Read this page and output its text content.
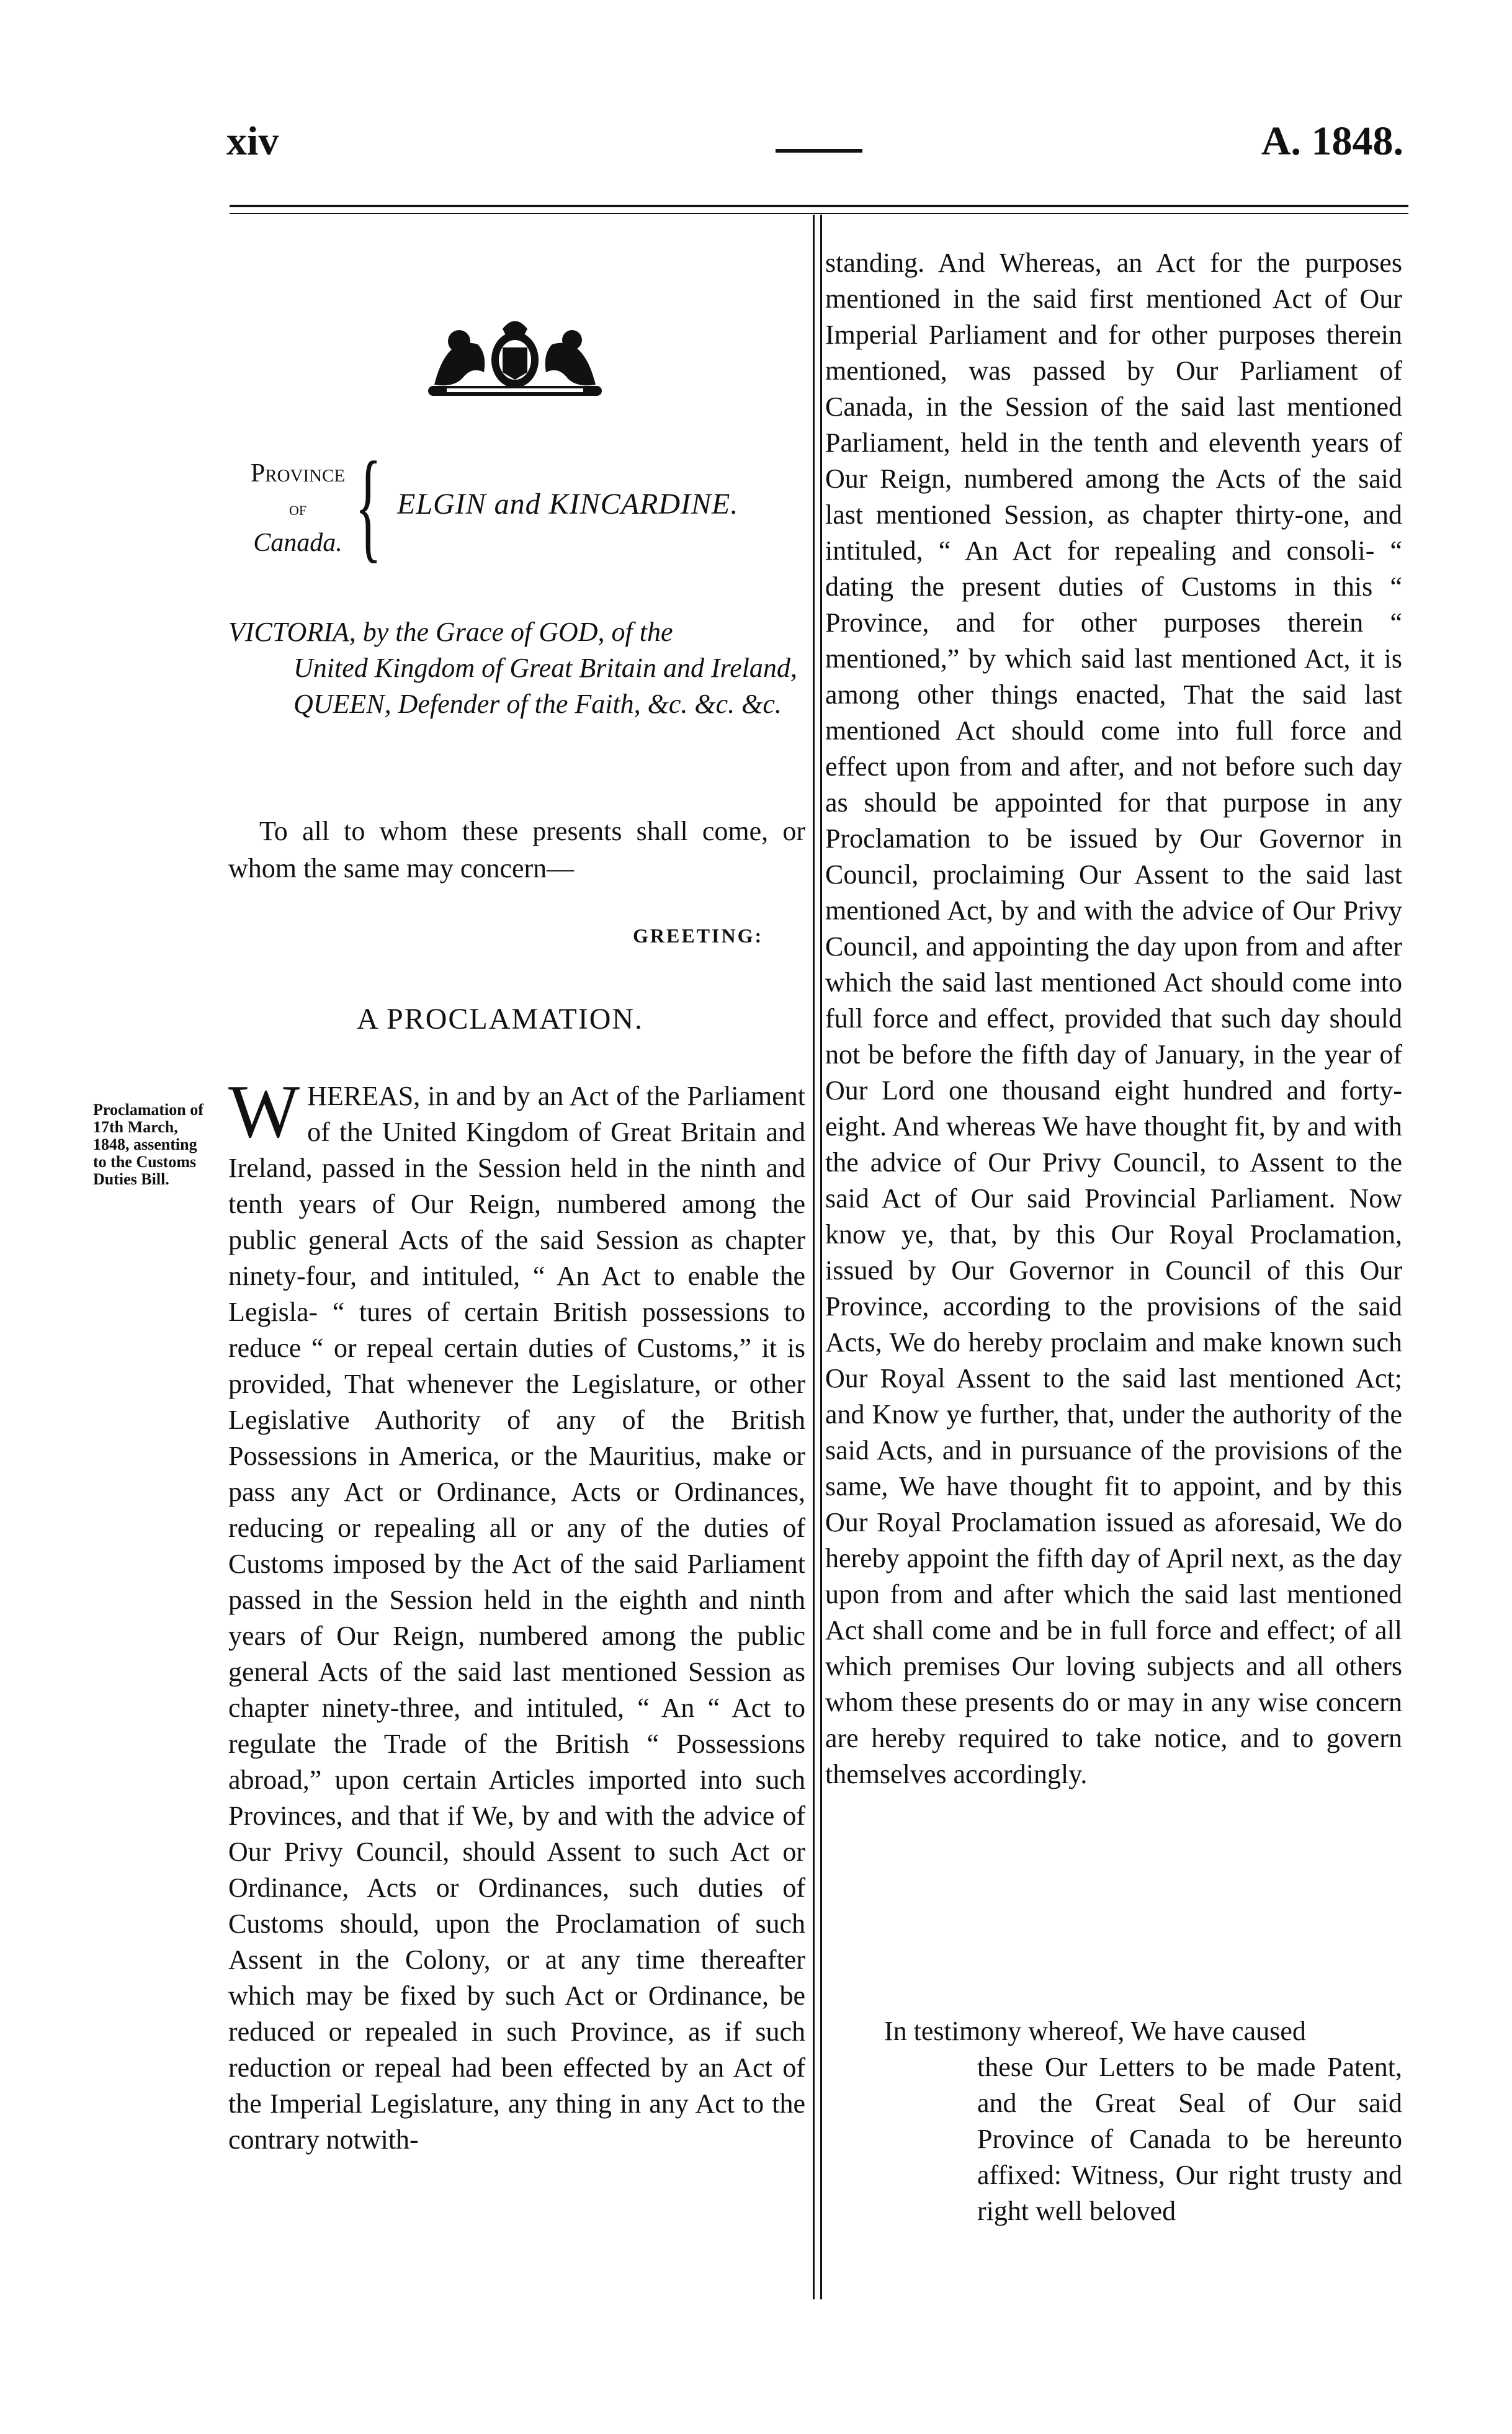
xiv	A. 1848.
Province
of
Canada. { ELGIN and KINCARDINE.
VICTORIA, by the Grace of GOD, of the
United Kingdom of Great Britain and Ireland, QUEEN, Defender of the Faith, &c. &c. &c.
To all to whom these presents shall come, or whom the same may concern—
GREETING:
A PROCLAMATION.
Proclamation of 17th March, 1848, assenting to the Customs Duties Bill.
WHEREAS, in and by an Act of the Parliament of the United Kingdom of Great Britain and Ireland, passed in the Session held in the ninth and tenth years of Our Reign, numbered among the public general Acts of the said Session as chapter ninety-four, and intituled, “ An Act to enable the Legisla- “ tures of certain British possessions to reduce “ or repeal certain duties of Customs,” it is provided, That whenever the Legislature, or other Legislative Authority of any of the British Possessions in America, or the Mauritius, make or pass any Act or Ordinance, Acts or Ordinances, reducing or repealing all or any of the duties of Customs imposed by the Act of the said Parliament passed in the Session held in the eighth and ninth years of Our Reign, numbered among the public general Acts of the said last mentioned Session as chapter ninety-three, and intituled, “ An “ Act to regulate the Trade of the British “ Possessions abroad,” upon certain Articles imported into such Provinces, and that if We, by and with the advice of Our Privy Council, should Assent to such Act or Ordinance, Acts or Ordinances, such duties of Customs should, upon the Proclamation of such Assent in the Colony, or at any time thereafter which may be fixed by such Act or Ordinance, be reduced or repealed in such Province, as if such reduction or repeal had been effected by an Act of the Imperial Legislature, any thing in any Act to the contrary notwith-
standing. And Whereas, an Act for the purposes mentioned in the said first mentioned Act of Our Imperial Parliament and for other purposes therein mentioned, was passed by Our Parliament of Canada, in the Session of the said last mentioned Parliament, held in the tenth and eleventh years of Our Reign, numbered among the Acts of the said last mentioned Session, as chapter thirty-one, and intituled, “ An Act for repealing and consoli- “ dating the present duties of Customs in this “ Province, and for other purposes therein “ mentioned,” by which said last mentioned Act, it is among other things enacted, That the said last mentioned Act should come into full force and effect upon from and after, and not before such day as should be appointed for that purpose in any Proclamation to be issued by Our Governor in Council, proclaiming Our Assent to the said last mentioned Act, by and with the advice of Our Privy Council, and appointing the day upon from and after which the said last mentioned Act should come into full force and effect, provided that such day should not be before the fifth day of January, in the year of Our Lord one thousand eight hundred and forty-eight. And whereas We have thought fit, by and with the advice of Our Privy Council, to Assent to the said Act of Our said Provincial Parliament. Now know ye, that, by this Our Royal Proclamation, issued by Our Governor in Council of this Our Province, according to the provisions of the said Acts, We do hereby proclaim and make known such Our Royal Assent to the said last mentioned Act; and Know ye further, that, under the authority of the said Acts, and in pursuance of the provisions of the same, We have thought fit to appoint, and by this Our Royal Proclamation issued as aforesaid, We do hereby appoint the fifth day of April next, as the day upon from and after which the said last mentioned Act shall come and be in full force and effect; of all which premises Our loving subjects and all others whom these presents do or may in any wise concern are hereby required to take notice, and to govern themselves accordingly.
In testimony whereof, We have caused
these Our Letters to be made Patent, and the Great Seal of Our said Province of Canada to be hereunto affixed: Witness, Our right trusty and right well beloved
